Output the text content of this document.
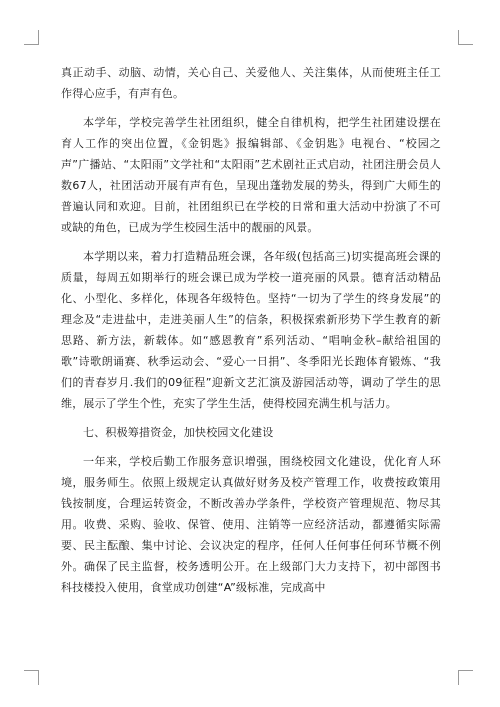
真正动手、动脑、动情，关心自己、关爱他人、关注集体，从而使班主任工作得心应手，有声有色。

本学年，学校完善学生社团组织，健全自律机构，把学生社团建设摆在育人工作的突出位置，《金钥匙》报编辑部、《金钥匙》电视台、“校园之声”广播站、“太阳雨”文学社和“太阳雨”艺术剧社正式启动，社团注册会员人数67人，社团活动开展有声有色，呈现出蓬勃发展的势头，得到广大师生的普遍认同和欢迎。目前，社团组织已在学校的日常和重大活动中扮演了不可或缺的角色，已成为学生校园生活中的靓丽的风景。

本学期以来，着力打造精品班会课，各年级(包括高三)切实提高班会课的质量，每周五如期举行的班会课已成为学校一道亮丽的风景。德育活动精品化、小型化、多样化，体现各年级特色。坚持“一切为了学生的终身发展”的理念及“走进盐中，走进美丽人生”的信条，积极探索新形势下学生教育的新思路、新方法，新载体。如“感恩教育”系列活动、“唱响金秋–献给祖国的歌”诗歌朗诵赛、秋季运动会、“爱心一日捐”、冬季阳光长跑体育锻炼、“我们的青春岁月.我们的09征程”迎新文艺汇演及游园活动等，调动了学生的思维，展示了学生个性，充实了学生生活，使得校园充满生机与活力。

七、积极筹措资金，加快校园文化建设

一年来，学校后勤工作服务意识增强，围绕校园文化建设，优化育人环境，服务师生。依照上级规定认真做好财务及校产管理工作，收费按政策用钱按制度，合理运转资金，不断改善办学条件，学校资产管理规范、物尽其用。收费、采购、验收、保管、使用、注销等一应经济活动，都遵循实际需要、民主酝酿、集中讨论、会议决定的程序，任何人任何事任何环节概不例外。确保了民主监督，校务透明公开。在上级部门大力支持下，初中部图书科技楼投入使用，食堂成功创建“A”级标准，完成高中
